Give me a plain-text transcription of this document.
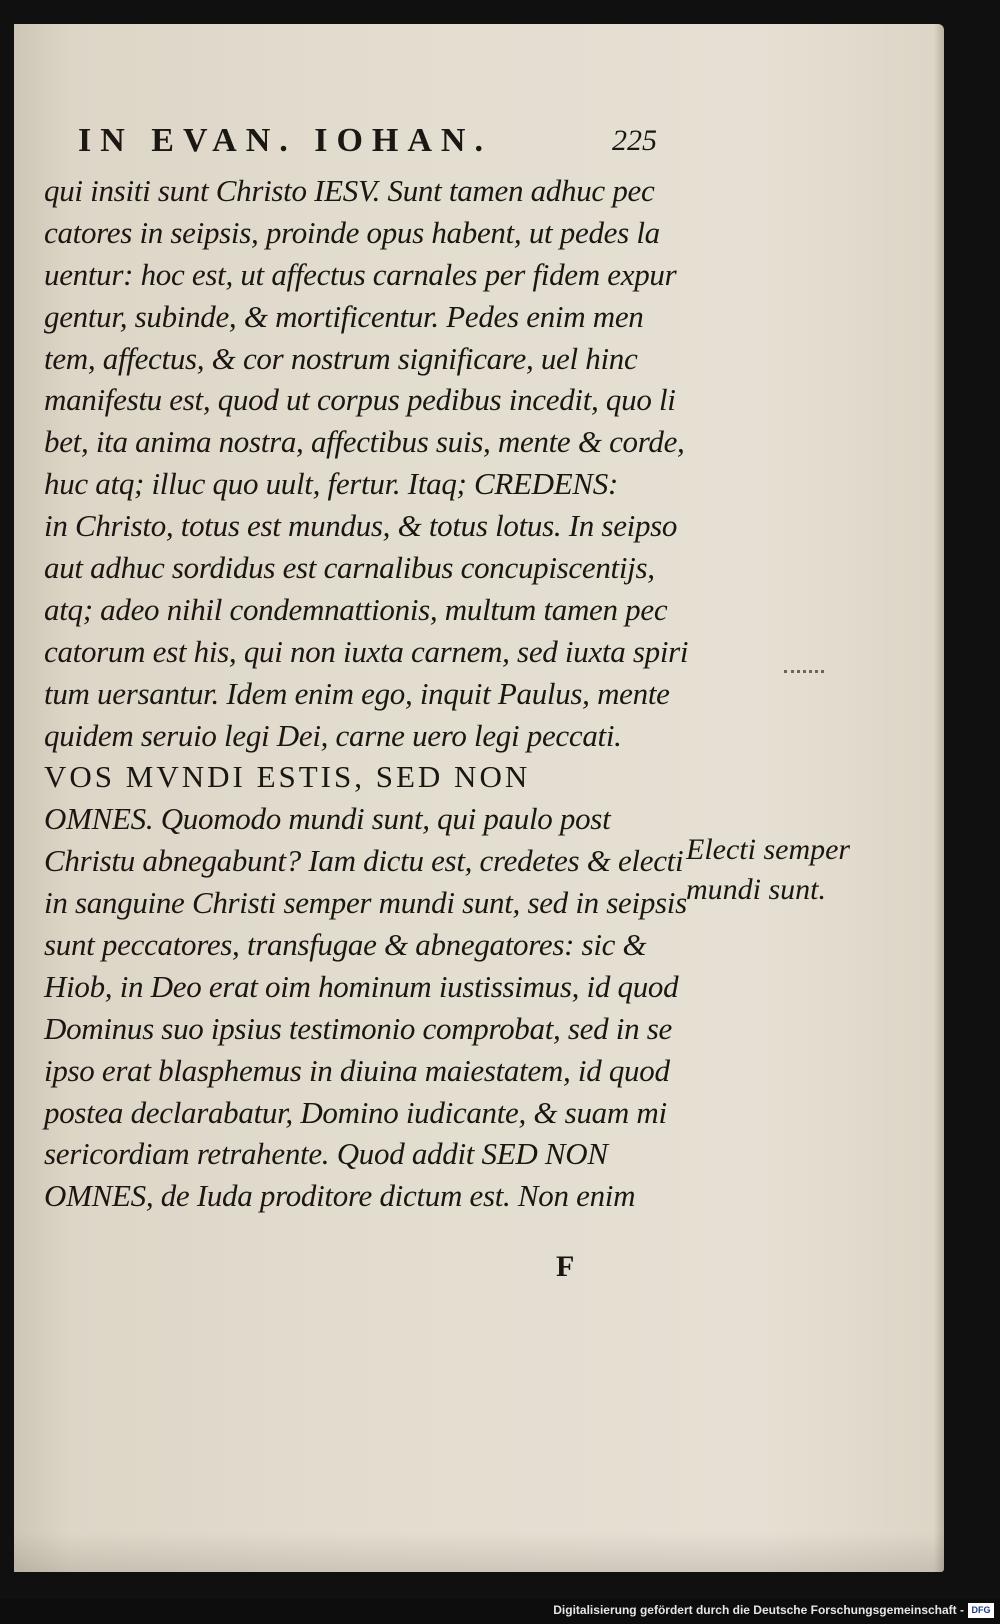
IN EVAN. IOHAN.	225
qui insiti sunt Christo IESV. Sunt tamen adhuc pec
catores in seipsis, proinde opus habent, ut pedes la
uentur: hoc est, ut affectus carnales per fidem expur
gentur, subinde, & mortificentur. Pedes enim men
tem, affectus, & cor nostrum significare, uel hinc
manifestu est, quod ut corpus pedibus incedit, quo li
bet, ita anima nostra, affectibus suis, mente & corde,
huc atq; illuc quo uult, fertur. Itaq; CREDENS:
in Christo, totus est mundus, & totus lotus. In seipso
aut adhuc sordidus est carnalibus concupiscentijs,
atq; adeo nihil condemnattionis, multum tamen pec
catorum est his, qui non iuxta carnem, sed iuxta spiri
tum uersantur. Idem enim ego, inquit Paulus, mente
quidem seruio legi Dei, carne uero legi peccati.
VOS MVNDI ESTIS, SED NON
OMNES. Quomodo mundi sunt, qui paulo post
Christu abnegabunt? Iam dictu est, credetes & electi
in sanguine Christi semper mundi sunt, sed in seipsis
sunt peccatores, transfugae & abnegatores: sic &
Hiob, in Deo erat oim hominum iustissimus, id quod
Dominus suo ipsius testimonio comprobat, sed in se
ipso erat blasphemus in diuina maiestatem, id quod
postea declarabatur, Domino iudicante, & suam mi
sericordiam retrahente. Quod addit SED NON
OMNES, de Iuda proditore dictum est. Non enim
Electi semper
mundi sunt.
F
Digitalisierung gefördert durch die Deutsche Forschungsgemeinschaft - DFG
